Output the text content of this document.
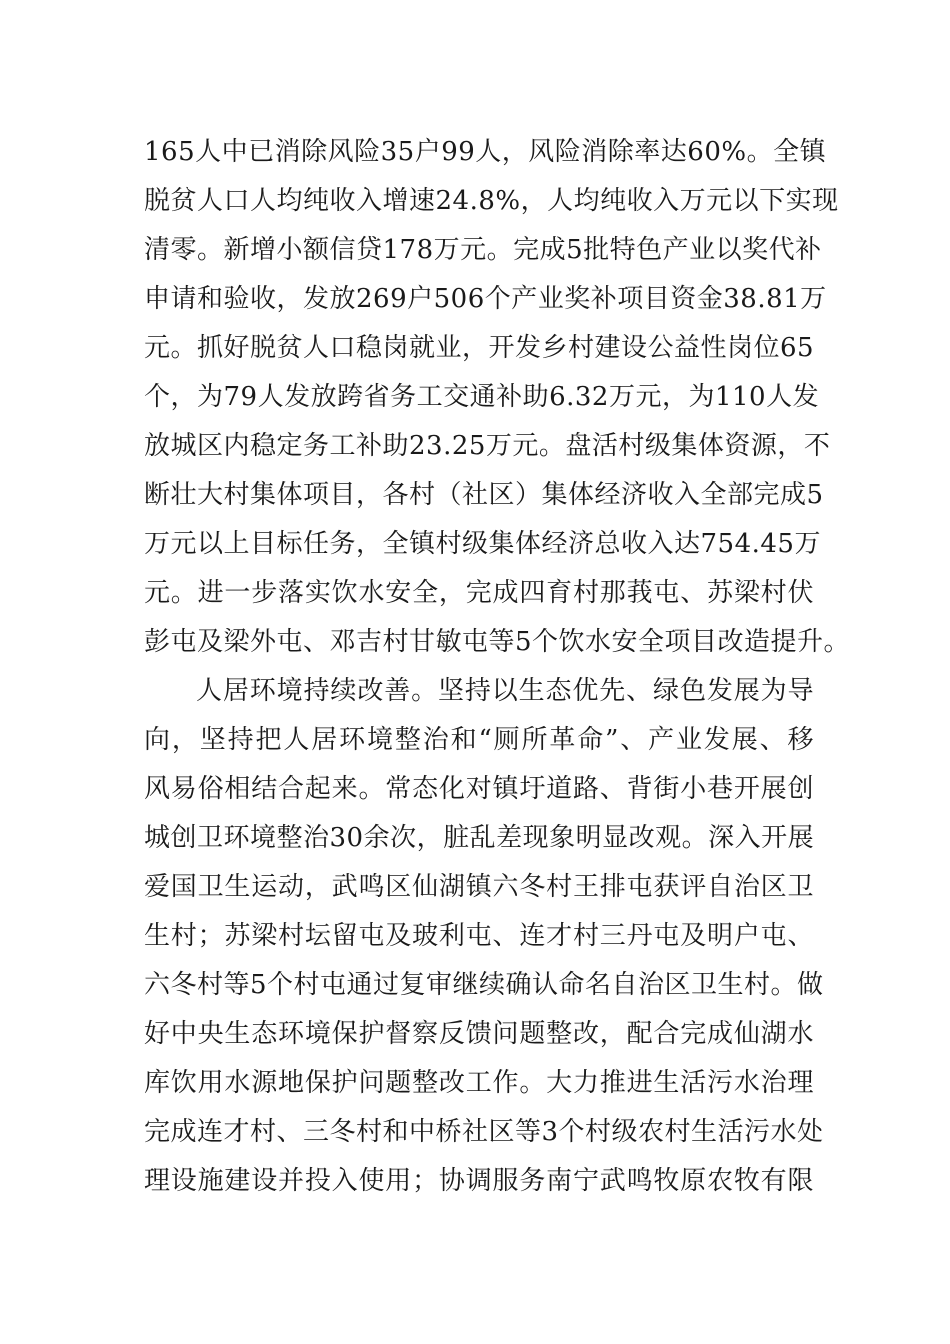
165人中已消除风险35户99人，风险消除率达60%。全镇
脱贫人口人均纯收入增速24.8%，人均纯收入万元以下实现
清零。新增小额信贷178万元。完成5批特色产业以奖代补
申请和验收，发放269户506个产业奖补项目资金38.81万
元。抓好脱贫人口稳岗就业，开发乡村建设公益性岗位65
个，为79人发放跨省务工交通补助6.32万元，为110人发
放城区内稳定务工补助23.25万元。盘活村级集体资源，不
断壮大村集体项目，各村（社区）集体经济收入全部完成5
万元以上目标任务，全镇村级集体经济总收入达754.45万
元。进一步落实饮水安全，完成四育村那莪屯、苏梁村伏
彭屯及梁外屯、邓吉村甘敏屯等5个饮水安全项目改造提升。
人居环境持续改善。坚持以生态优先、绿色发展为导
向，坚持把人居环境整治和“厕所革命”、产业发展、移
风易俗相结合起来。常态化对镇圩道路、背街小巷开展创
城创卫环境整治30余次，脏乱差现象明显改观。深入开展
爱国卫生运动，武鸣区仙湖镇六冬村王排屯获评自治区卫
生村；苏梁村坛留屯及玻利屯、连才村三丹屯及明户屯、
六冬村等5个村屯通过复审继续确认命名自治区卫生村。做
好中央生态环境保护督察反馈问题整改，配合完成仙湖水
库饮用水源地保护问题整改工作。大力推进生活污水治理
完成连才村、三冬村和中桥社区等3个村级农村生活污水处
理设施建设并投入使用；协调服务南宁武鸣牧原农牧有限
